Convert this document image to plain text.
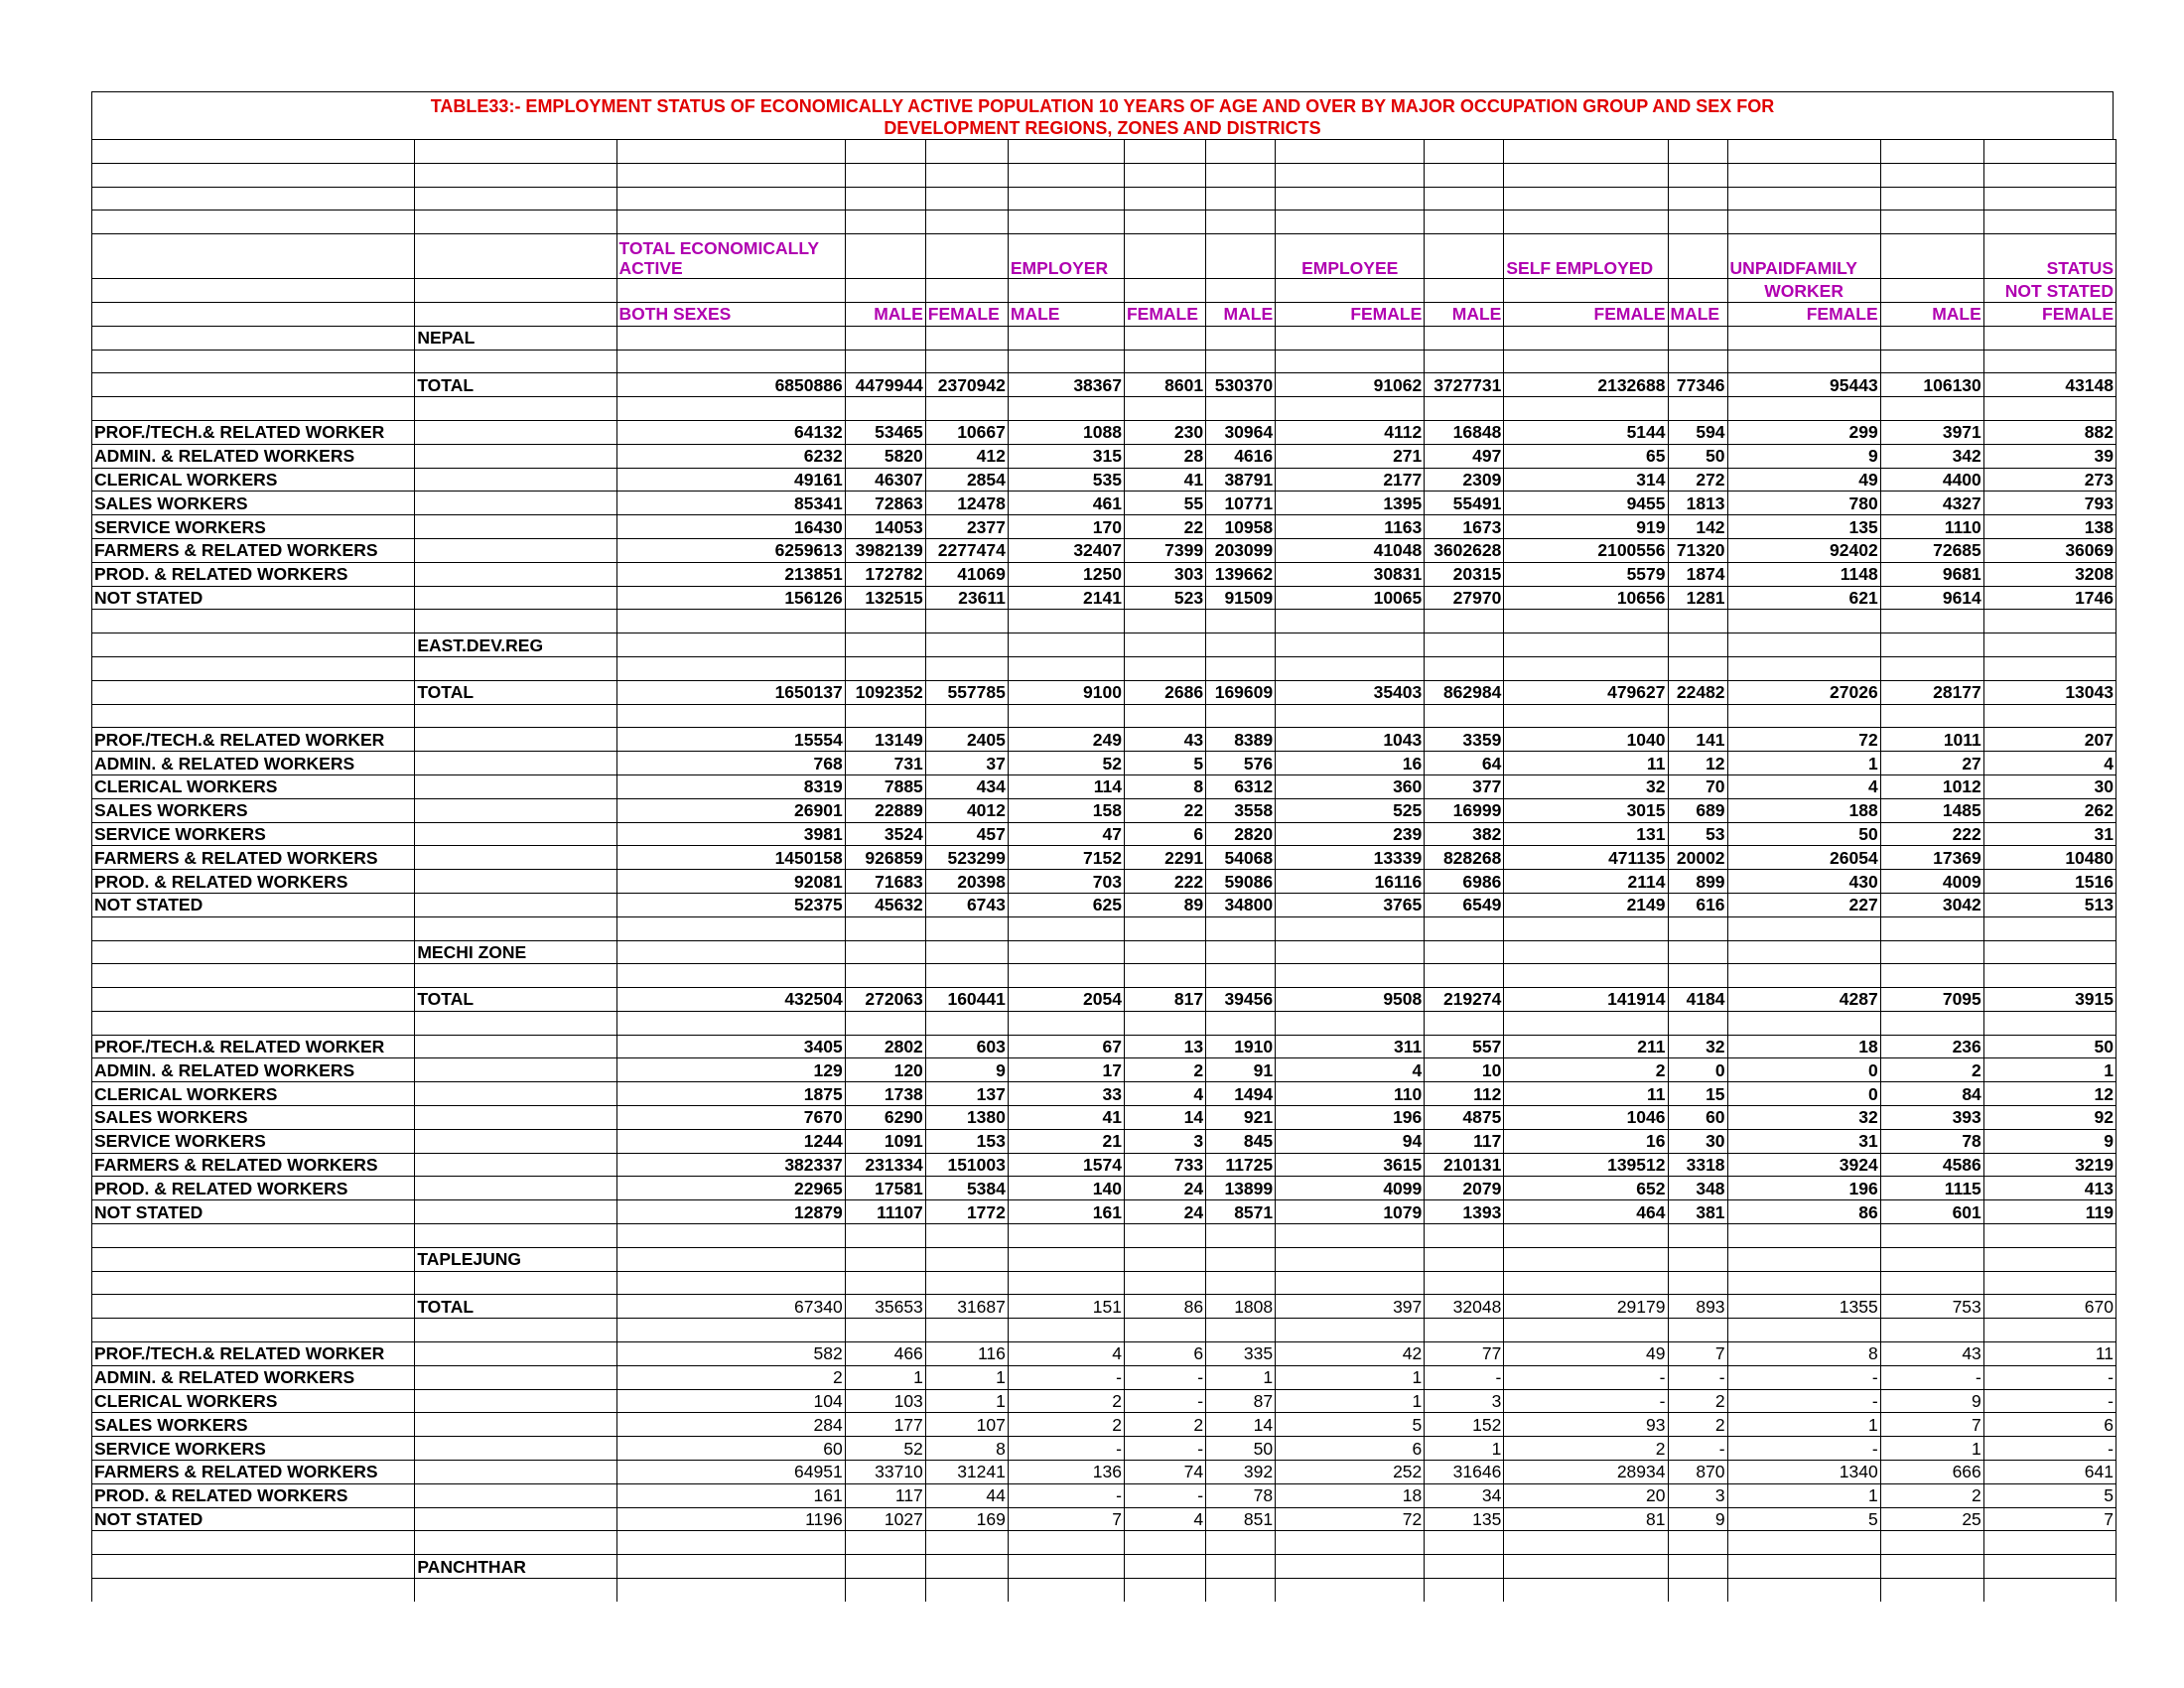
TABLE33:- EMPLOYMENT STATUS OF ECONOMICALLY ACTIVE POPULATION 10 YEARS OF AGE AND OVER BY MAJOR OCCUPATION GROUP AND SEX FOR
DEVELOPMENT REGIONS, ZONES AND DISTRICTS

		TOTAL ECONOMICALLY ACTIVE			EMPLOYER			EMPLOYEE		SELF EMPLOYED		UNPAIDFAMILY		STATUS
												WORKER		NOT STATED
		BOTH SEXES	MALE	FEMALE	MALE	FEMALE	MALE	FEMALE	MALE	FEMALE	MALE	FEMALE	MALE	FEMALE
	NEPAL													

	TOTAL	6850886	4479944	2370942	38367	8601	530370	91062	3727731	2132688	77346	95443	106130	43148

PROF./TECH.& RELATED WORKER		64132	53465	10667	1088	230	30964	4112	16848	5144	594	299	3971	882
ADMIN. & RELATED WORKERS		6232	5820	412	315	28	4616	271	497	65	50	9	342	39
CLERICAL WORKERS		49161	46307	2854	535	41	38791	2177	2309	314	272	49	4400	273
SALES WORKERS		85341	72863	12478	461	55	10771	1395	55491	9455	1813	780	4327	793
SERVICE WORKERS		16430	14053	2377	170	22	10958	1163	1673	919	142	135	1110	138
FARMERS & RELATED WORKERS		6259613	3982139	2277474	32407	7399	203099	41048	3602628	2100556	71320	92402	72685	36069
PROD. & RELATED WORKERS		213851	172782	41069	1250	303	139662	30831	20315	5579	1874	1148	9681	3208
NOT STATED		156126	132515	23611	2141	523	91509	10065	27970	10656	1281	621	9614	1746

	EAST.DEV.REG													

	TOTAL	1650137	1092352	557785	9100	2686	169609	35403	862984	479627	22482	27026	28177	13043

PROF./TECH.& RELATED WORKER		15554	13149	2405	249	43	8389	1043	3359	1040	141	72	1011	207
ADMIN. & RELATED WORKERS		768	731	37	52	5	576	16	64	11	12	1	27	4
CLERICAL WORKERS		8319	7885	434	114	8	6312	360	377	32	70	4	1012	30
SALES WORKERS		26901	22889	4012	158	22	3558	525	16999	3015	689	188	1485	262
SERVICE WORKERS		3981	3524	457	47	6	2820	239	382	131	53	50	222	31
FARMERS & RELATED WORKERS		1450158	926859	523299	7152	2291	54068	13339	828268	471135	20002	26054	17369	10480
PROD. & RELATED WORKERS		92081	71683	20398	703	222	59086	16116	6986	2114	899	430	4009	1516
NOT STATED		52375	45632	6743	625	89	34800	3765	6549	2149	616	227	3042	513

	MECHI ZONE													

	TOTAL	432504	272063	160441	2054	817	39456	9508	219274	141914	4184	4287	7095	3915

PROF./TECH.& RELATED WORKER		3405	2802	603	67	13	1910	311	557	211	32	18	236	50
ADMIN. & RELATED WORKERS		129	120	9	17	2	91	4	10	2	0	0	2	1
CLERICAL WORKERS		1875	1738	137	33	4	1494	110	112	11	15	0	84	12
SALES WORKERS		7670	6290	1380	41	14	921	196	4875	1046	60	32	393	92
SERVICE WORKERS		1244	1091	153	21	3	845	94	117	16	30	31	78	9
FARMERS & RELATED WORKERS		382337	231334	151003	1574	733	11725	3615	210131	139512	3318	3924	4586	3219
PROD. & RELATED WORKERS		22965	17581	5384	140	24	13899	4099	2079	652	348	196	1115	413
NOT STATED		12879	11107	1772	161	24	8571	1079	1393	464	381	86	601	119

	TAPLEJUNG													

	TOTAL	67340	35653	31687	151	86	1808	397	32048	29179	893	1355	753	670

PROF./TECH.& RELATED WORKER		582	466	116	4	6	335	42	77	49	7	8	43	11
ADMIN. & RELATED WORKERS		2	1	1	-	-	1	1	-	-	-	-	-	-
CLERICAL WORKERS		104	103	1	2	-	87	1	3	-	2	-	9	-
SALES WORKERS		284	177	107	2	2	14	5	152	93	2	1	7	6
SERVICE WORKERS		60	52	8	-	-	50	6	1	2	-	-	1	-
FARMERS & RELATED WORKERS		64951	33710	31241	136	74	392	252	31646	28934	870	1340	666	641
PROD. & RELATED WORKERS		161	117	44	-	-	78	18	34	20	3	1	2	5
NOT STATED		1196	1027	169	7	4	851	72	135	81	9	5	25	7

	PANCHTHAR													
